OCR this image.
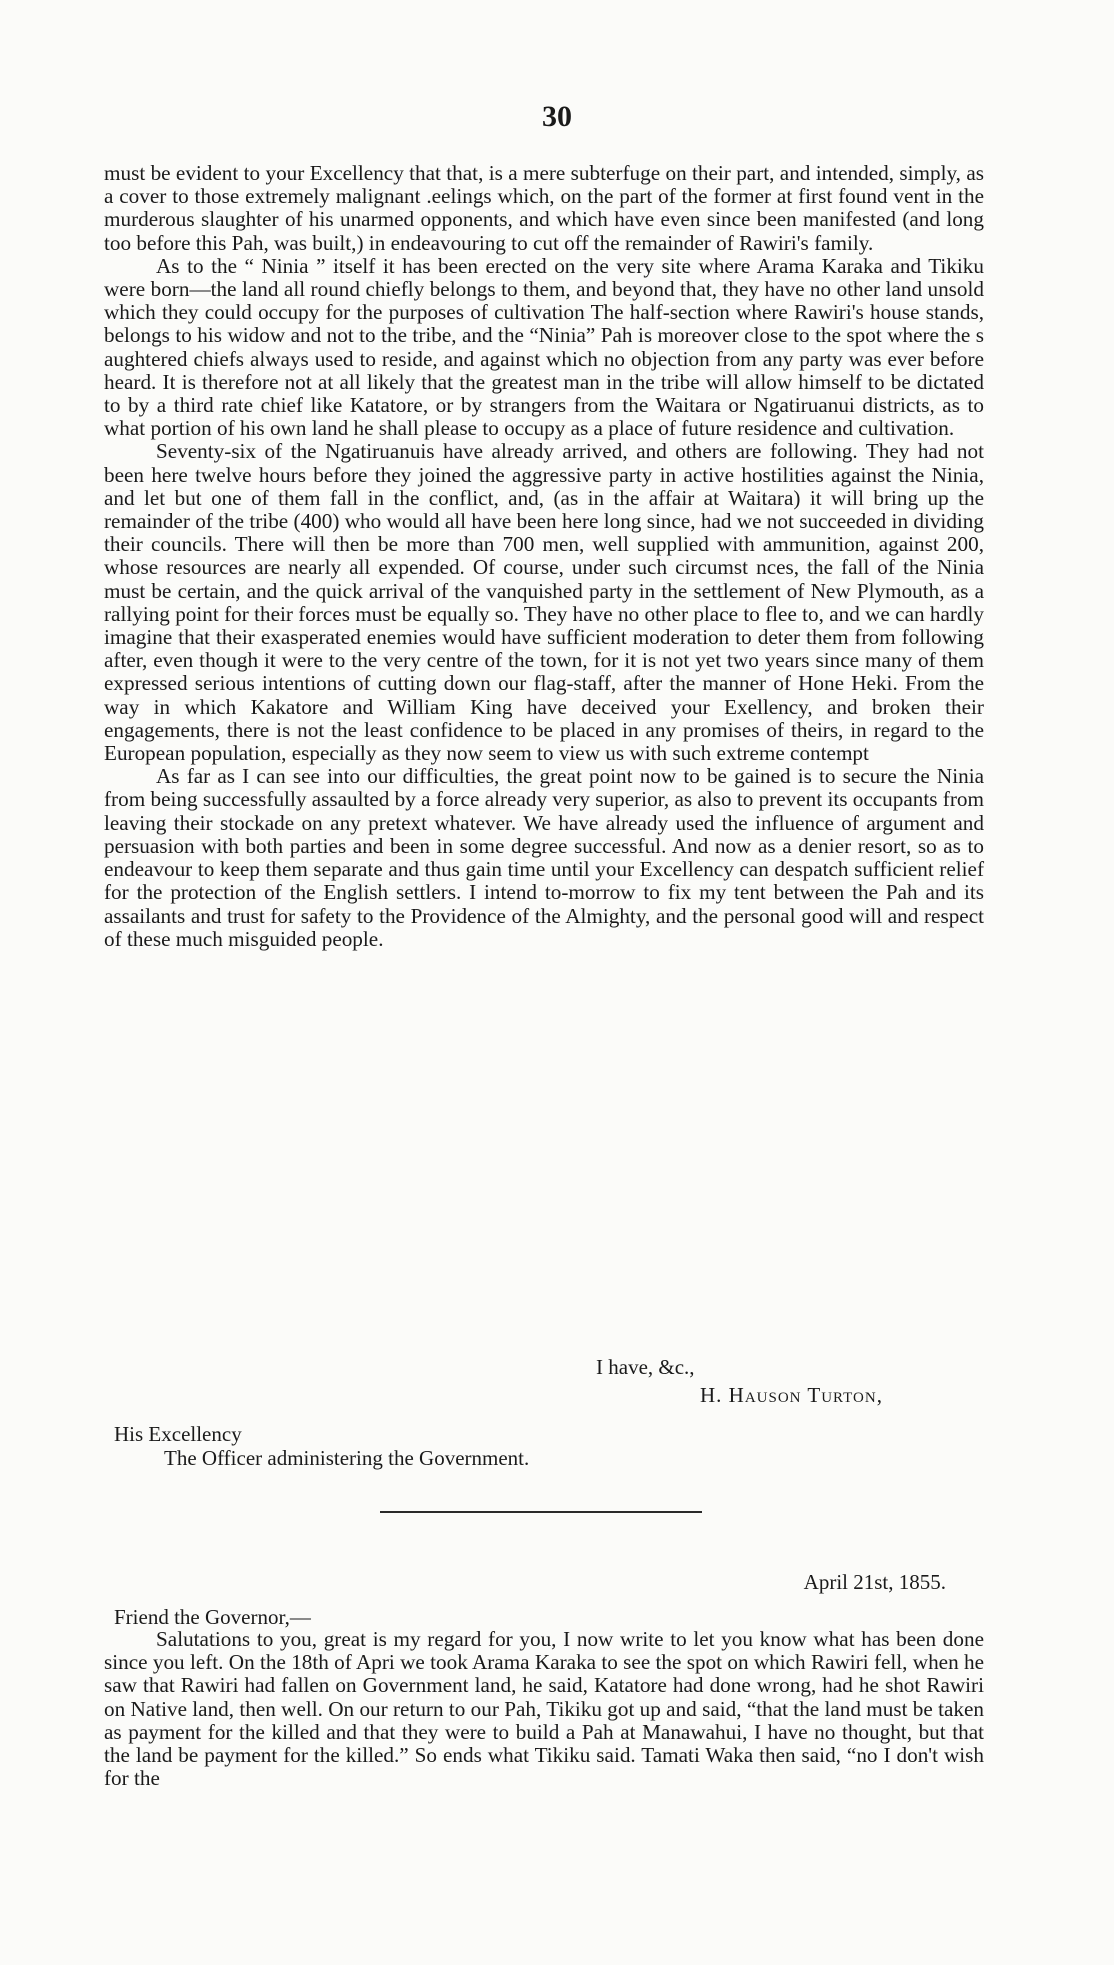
30

must be evident to your Excellency that that, is a mere subterfuge on their part, and intended, simply, as a cover to those extremely malignant .eelings which, on the part of the former at first found vent in the murderous slaughter of his unarmed opponents, and which have even since been manifested (and long too before this Pah, was built,) in endeavouring to cut off the remainder of Rawiri's family.

As to the “ Ninia ” itself it has been erected on the very site where Arama Karaka and Tikiku were born—the land all round chiefly belongs to them, and beyond that, they have no other land unsold which they could occupy for the purposes of cultivation The half-section where Rawiri's house stands, belongs to his widow and not to the tribe, and the “Ninia” Pah is moreover close to the spot where the s aughtered chiefs always used to reside, and against which no objection from any party was ever before heard. It is therefore not at all likely that the greatest man in the tribe will allow himself to be dictated to by a third rate chief like Katatore, or by strangers from the Waitara or Ngatiruanui districts, as to what portion of his own land he shall please to occupy as a place of future residence and cultivation.

Seventy-six of the Ngatiruanuis have already arrived, and others are following. They had not been here twelve hours before they joined the aggressive party in active hostilities against the Ninia, and let but one of them fall in the conflict, and, (as in the affair at Waitara) it will bring up the remainder of the tribe (400) who would all have been here long since, had we not succeeded in dividing their councils. There will then be more than 700 men, well supplied with ammunition, against 200, whose resources are nearly all expended. Of course, under such circumst nces, the fall of the Ninia must be certain, and the quick arrival of the vanquished party in the settlement of New Plymouth, as a rallying point for their forces must be equally so. They have no other place to flee to, and we can hardly imagine that their exasperated enemies would have sufficient moderation to deter them from following after, even though it were to the very centre of the town, for it is not yet two years since many of them expressed serious intentions of cutting down our flag-staff, after the manner of Hone Heki. From the way in which Kakatore and William King have deceived your Exellency, and broken their engagements, there is not the least confidence to be placed in any promises of theirs, in regard to the European population, especially as they now seem to view us with such extreme contempt

As far as I can see into our difficulties, the great point now to be gained is to secure the Ninia from being successfully assaulted by a force already very superior, as also to prevent its occupants from leaving their stockade on any pretext whatever. We have already used the influence of argument and persuasion with both parties and been in some degree successful. And now as a denier resort, so as to endeavour to keep them separate and thus gain time until your Excellency can despatch sufficient relief for the protection of the English settlers. I intend to-morrow to fix my tent between the Pah and its assailants and trust for safety to the Providence of the Almighty, and the personal good will and respect of these much misguided people.

I have, &c.,
H. Hauson Turton,
His Excellency
The Officer administering the Government.
April 21st, 1855.
Friend the Governor,—

Salutations to you, great is my regard for you, I now write to let you know what has been done since you left. On the 18th of Apri we took Arama Karaka to see the spot on which Rawiri fell, when he saw that Rawiri had fallen on Government land, he said, Katatore had done wrong, had he shot Rawiri on Native land, then well. On our return to our Pah, Tikiku got up and said, “that the land must be taken as payment for the killed and that they were to build a Pah at Manawahui, I have no thought, but that the land be payment for the killed.” So ends what Tikiku said. Tamati Waka then said, “no I don't wish for the
